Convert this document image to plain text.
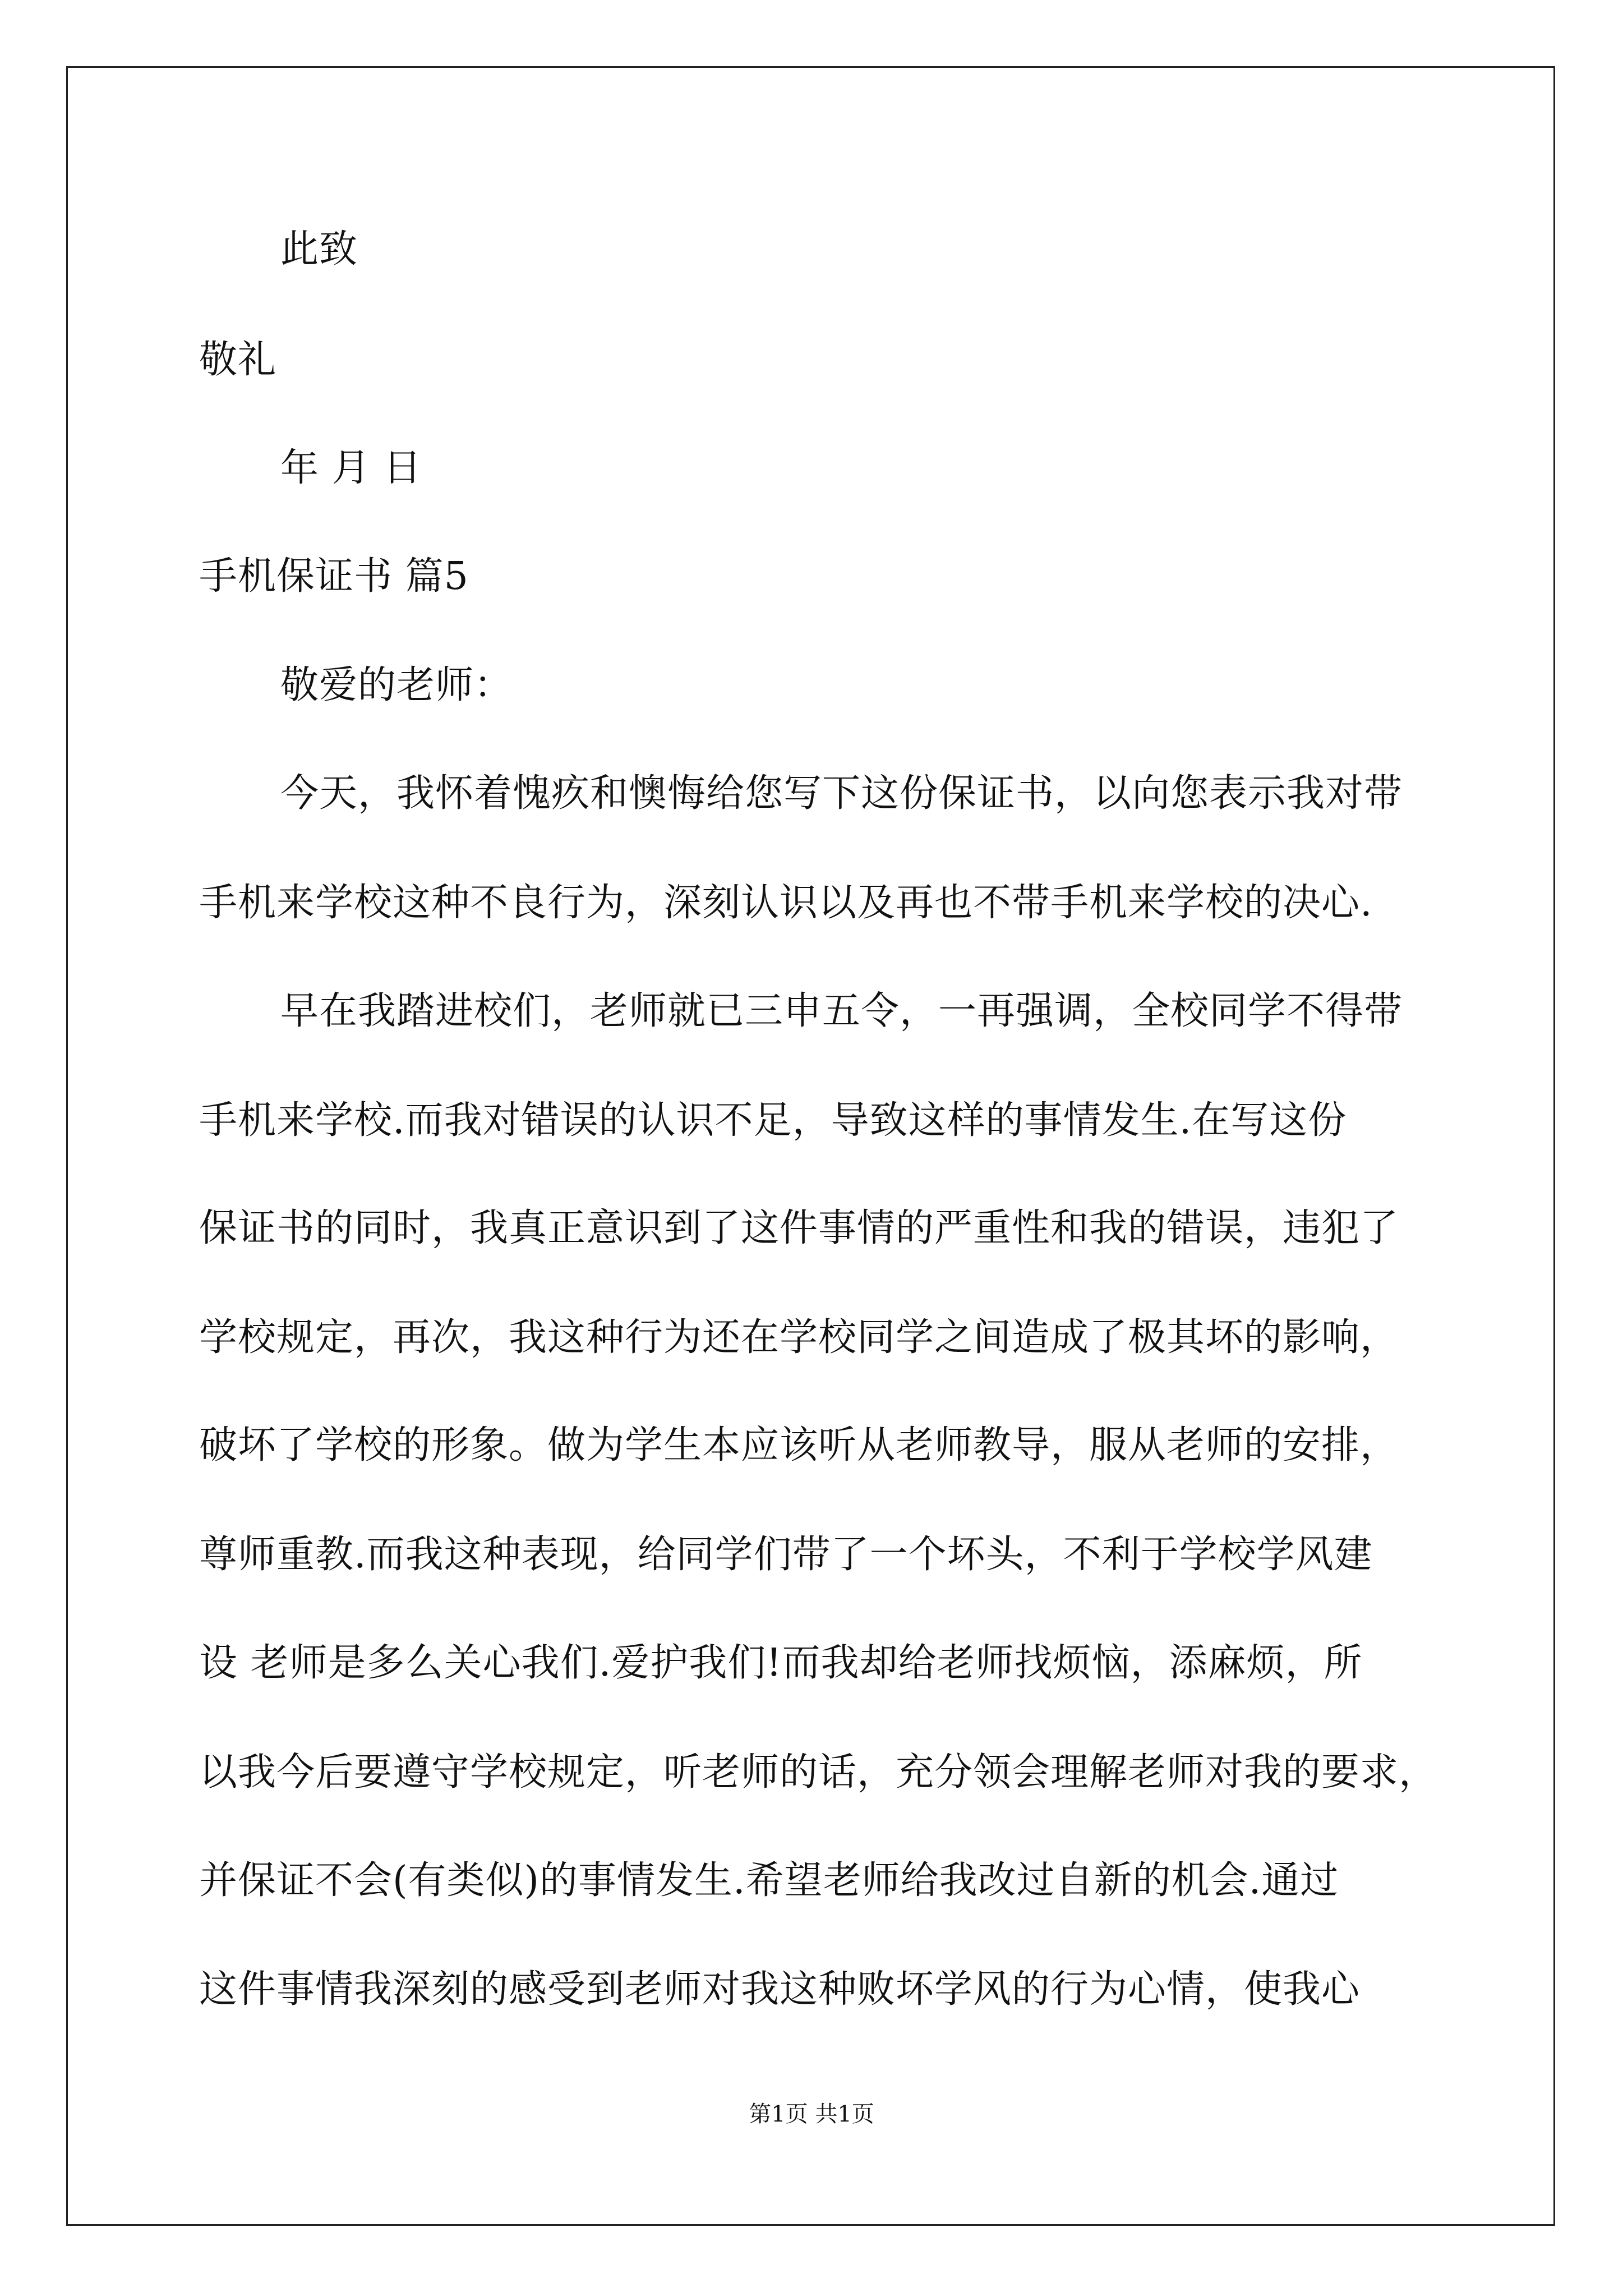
此致
敬礼
年 月 日
手机保证书 篇5
敬爱的老师：
今天，我怀着愧疚和懊悔给您写下这份保证书，以向您表示我对带
手机来学校这种不良行为，深刻认识以及再也不带手机来学校的决心.
早在我踏进校们，老师就已三申五令，一再强调，全校同学不得带
手机来学校.而我对错误的认识不足，导致这样的事情发生.在写这份
保证书的同时，我真正意识到了这件事情的严重性和我的错误，违犯了
学校规定，再次，我这种行为还在学校同学之间造成了极其坏的影响，
破坏了学校的形象。做为学生本应该听从老师教导，服从老师的安排，
尊师重教.而我这种表现，给同学们带了一个坏头，不利于学校学风建
设 老师是多么关心我们.爱护我们!而我却给老师找烦恼，添麻烦，所
以我今后要遵守学校规定，听老师的话，充分领会理解老师对我的要求，
并保证不会(有类似)的事情发生.希望老师给我改过自新的机会.通过
这件事情我深刻的感受到老师对我这种败坏学风的行为心情，使我心
第1页 共1页
